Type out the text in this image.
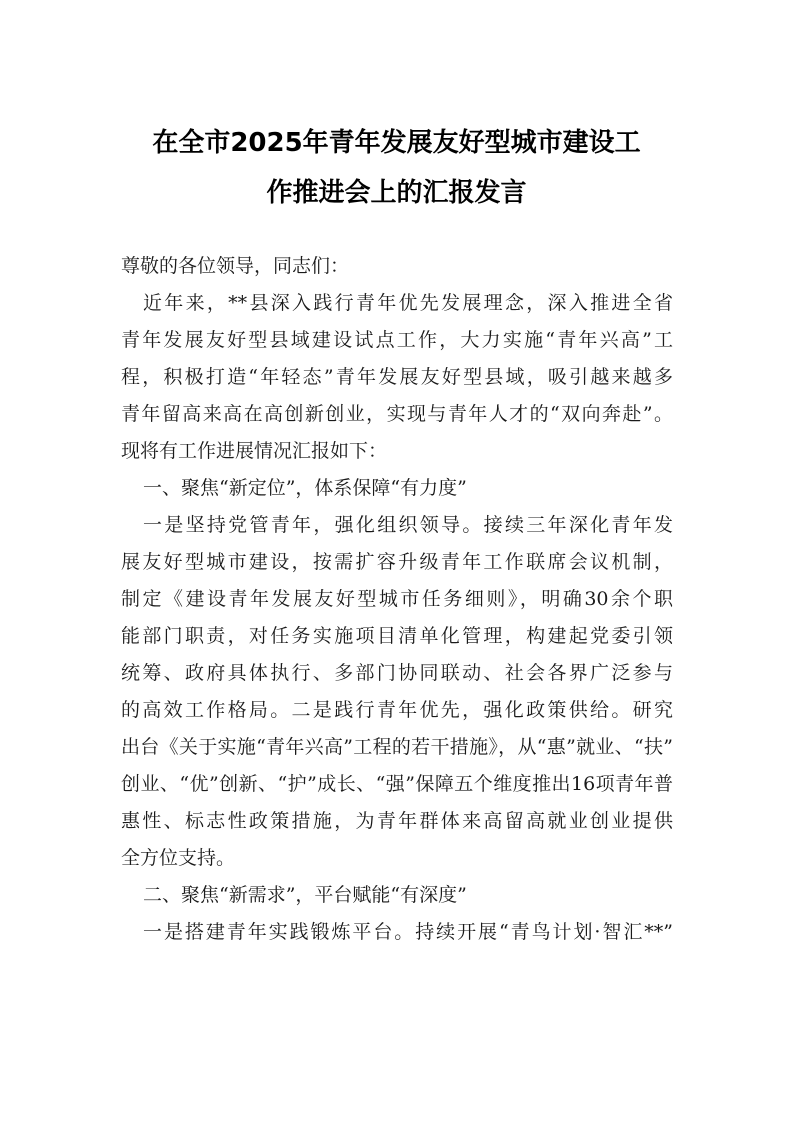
在全市2025年青年发展友好型城市建设工
作推进会上的汇报发言
尊敬的各位领导，同志们：
近年来，**县深入践行青年优先发展理念，深入推进全省
青年发展友好型县域建设试点工作，大力实施“青年兴高”工
程，积极打造“年轻态”青年发展友好型县域，吸引越来越多
青年留高来高在高创新创业，实现与青年人才的“双向奔赴”。
现将有工作进展情况汇报如下：
一、聚焦“新定位”，体系保障“有力度”
一是坚持党管青年，强化组织领导。接续三年深化青年发
展友好型城市建设，按需扩容升级青年工作联席会议机制，
制定《建设青年发展友好型城市任务细则》，明确30余个职
能部门职责，对任务实施项目清单化管理，构建起党委引领
统筹、政府具体执行、多部门协同联动、社会各界广泛参与
的高效工作格局。二是践行青年优先，强化政策供给。研究
出台《关于实施“青年兴高”工程的若干措施》，从“惠”就业、“扶”
创业、“优”创新、“护”成长、“强”保障五个维度推出16项青年普
惠性、标志性政策措施，为青年群体来高留高就业创业提供
全方位支持。
二、聚焦“新需求”，平台赋能“有深度”
一是搭建青年实践锻炼平台。持续开展“青鸟计划·智汇**”
